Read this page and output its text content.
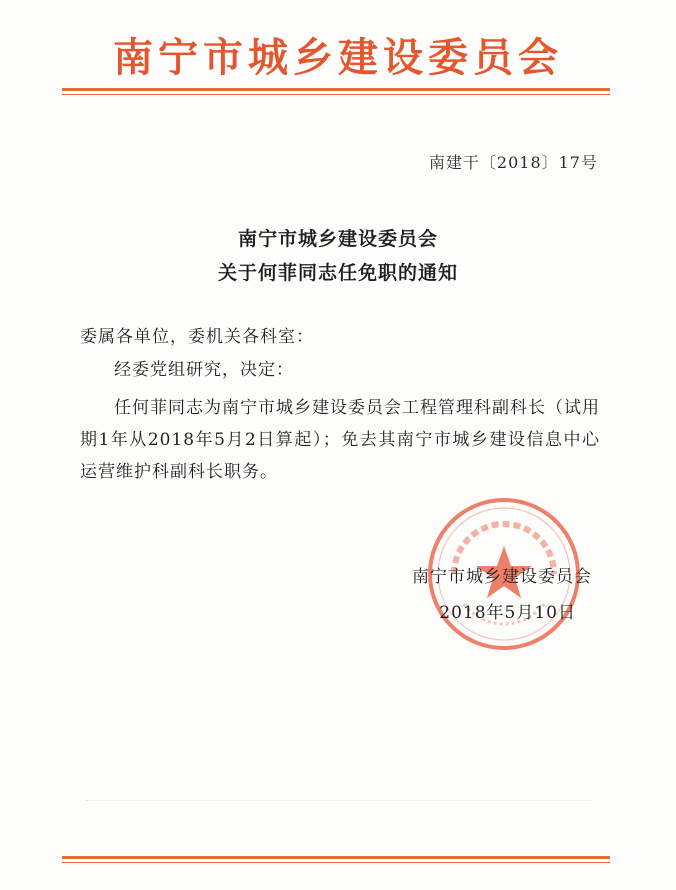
南宁市城乡建设委员会
南建干〔2018〕17号
南宁市城乡建设委员会
关于何菲同志任免职的通知
委属各单位，委机关各科室：
经委党组研究，决定：
任何菲同志为南宁市城乡建设委员会工程管理科副科长（试用期1年从2018年5月2日算起）；免去其南宁市城乡建设信息中心运营维护科副科长职务。
南宁市城乡建设委员会
2018年5月10日
